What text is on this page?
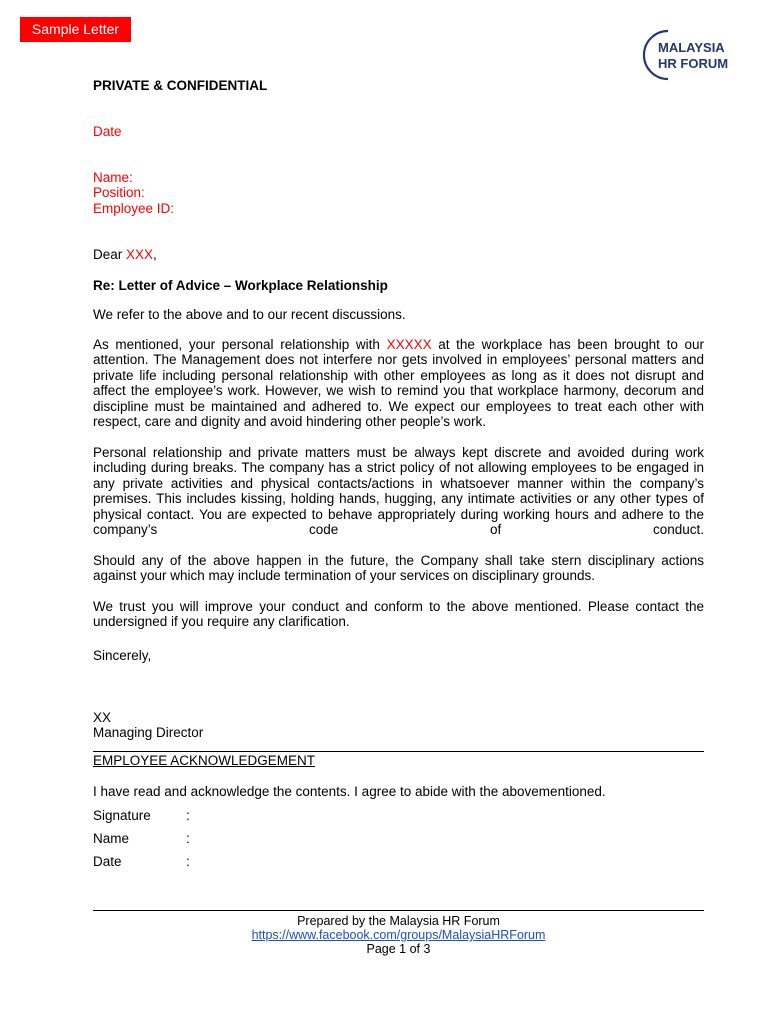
Sample Letter
MALAYSIA
HR FORUM
PRIVATE & CONFIDENTIAL
Date
Name:
Position:
Employee ID:
Dear XXX,
Re: Letter of Advice – Workplace Relationship
We refer to the above and to our recent discussions.
As mentioned, your personal relationship with XXXXX at the workplace has been brought to our attention. The Management does not interfere nor gets involved in employees’ personal matters and private life including personal relationship with other employees as long as it does not disrupt and affect the employee’s work. However, we wish to remind you that workplace harmony, decorum and discipline must be maintained and adhered to. We expect our employees to treat each other with respect, care and dignity and avoid hindering other people’s work.
Personal relationship and private matters must be always kept discrete and avoided during work including during breaks. The company has a strict policy of not allowing employees to be engaged in any private activities and physical contacts/actions in whatsoever manner within the company’s premises. This includes kissing, holding hands, hugging, any intimate activities or any other types of physical contact. You are expected to behave appropriately during working hours and adhere to the company’s code of conduct.
Should any of the above happen in the future, the Company shall take stern disciplinary actions against your which may include termination of your services on disciplinary grounds.
We trust you will improve your conduct and conform to the above mentioned. Please contact the undersigned if you require any clarification.
Sincerely,
XX
Managing Director
EMPLOYEE ACKNOWLEDGEMENT
I have read and acknowledge the contents. I agree to abide with the abovementioned.
Signature	:
Name	:
Date	:
Prepared by the Malaysia HR Forum
https://www.facebook.com/groups/MalaysiaHRForum
Page 1 of 3
